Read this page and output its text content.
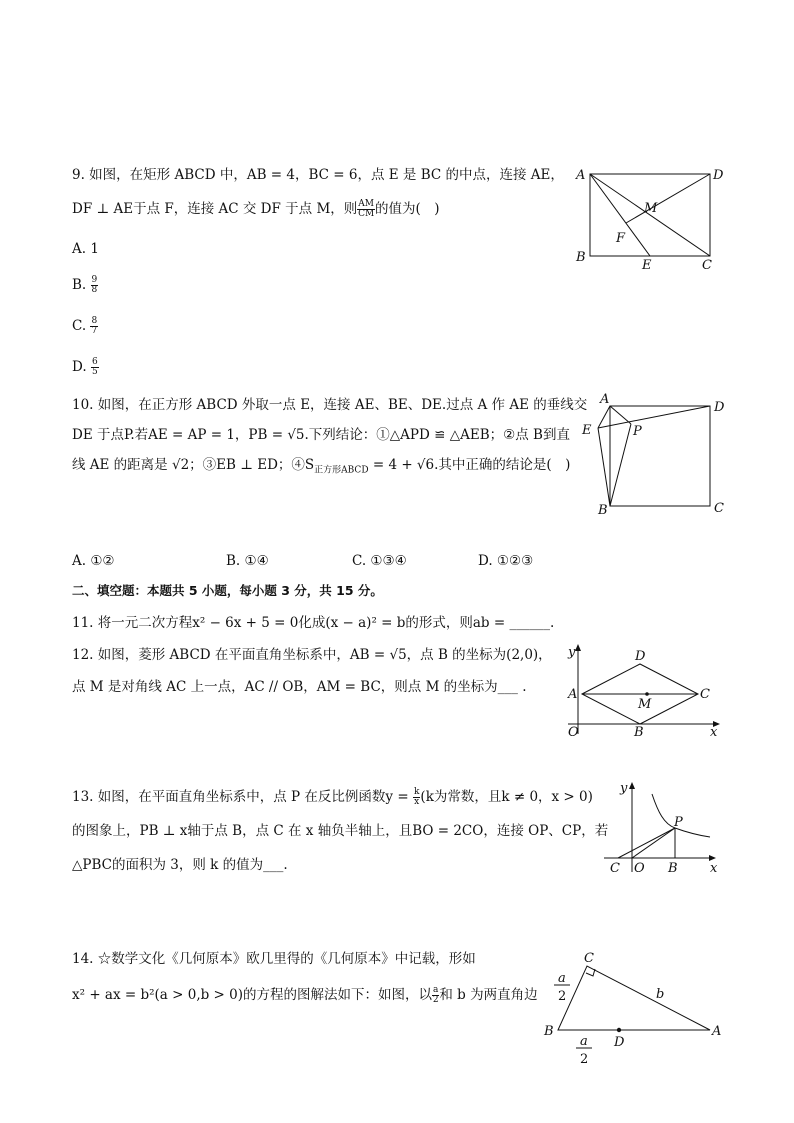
9. 如图，在矩形 ABCD 中，AB = 4，BC = 6，点 E 是 BC 的中点，连接 AE，
DF ⊥ AE于点 F，连接 AC 交 DF 于点 M，则 $\frac{AM}{CM}$ 的值为(　)
A. 1
B. $\frac{9}{8}$
C. $\frac{8}{7}$
D. $\frac{6}{5}$
A	D
B
C
E
F
M
10. 如图，在正方形 ABCD 外取一点 E，连接 AE、BE、DE.过点 A 作 AE 的垂线交
DE 于点P.若AE = AP = 1，PB = √5.下列结论：①△APD ≌ △AEB；②点 B到直
线 AE 的距离是 √2；③EB ⊥ ED；$④S_{正方形ABCD} = 4 + √6$.其中正确的结论是(　)
A. ①②	B. ①④	C. ①③④	D. ①②③
A
D
E	P
B	C
二、填空题：本题共 5 小题，每小题 3 分，共 15 分。
11. 将一元二次方程x² − 6x + 5 = 0化成(x − a)² = b的形式，则ab = ______.
12. 如图，菱形 ABCD 在平面直角坐标系中，AB = √5，点 B 的坐标为(2,0)，
点 M 是对角线 AC 上一点，AC // OB，AM = BC，则点 M 的坐标为___ .
y
x
O
A	C
D
B
M
13. 如图，在平面直角坐标系中，点 P 在反比例函数$y = \frac{k}{x} (k$为常数，且k ≠ 0，x > 0)
的图象上，PB ⊥ x轴于点 B，点 C 在 x 轴负半轴上，且BO = 2CO，连接 OP、CP，若
△PBC的面积为 3，则 k 的值为___.
y
x
O
C	B
P
14. ☆数学文化《几何原本》欧几里得的《几何原本》中记载，形如
x² + ax = b²(a > 0,b > 0)的方程的图解法如下：如图，以 $\frac{a}{2}$ 和 b 为两直角边
C
B	A
D
b
a
2
a
2
